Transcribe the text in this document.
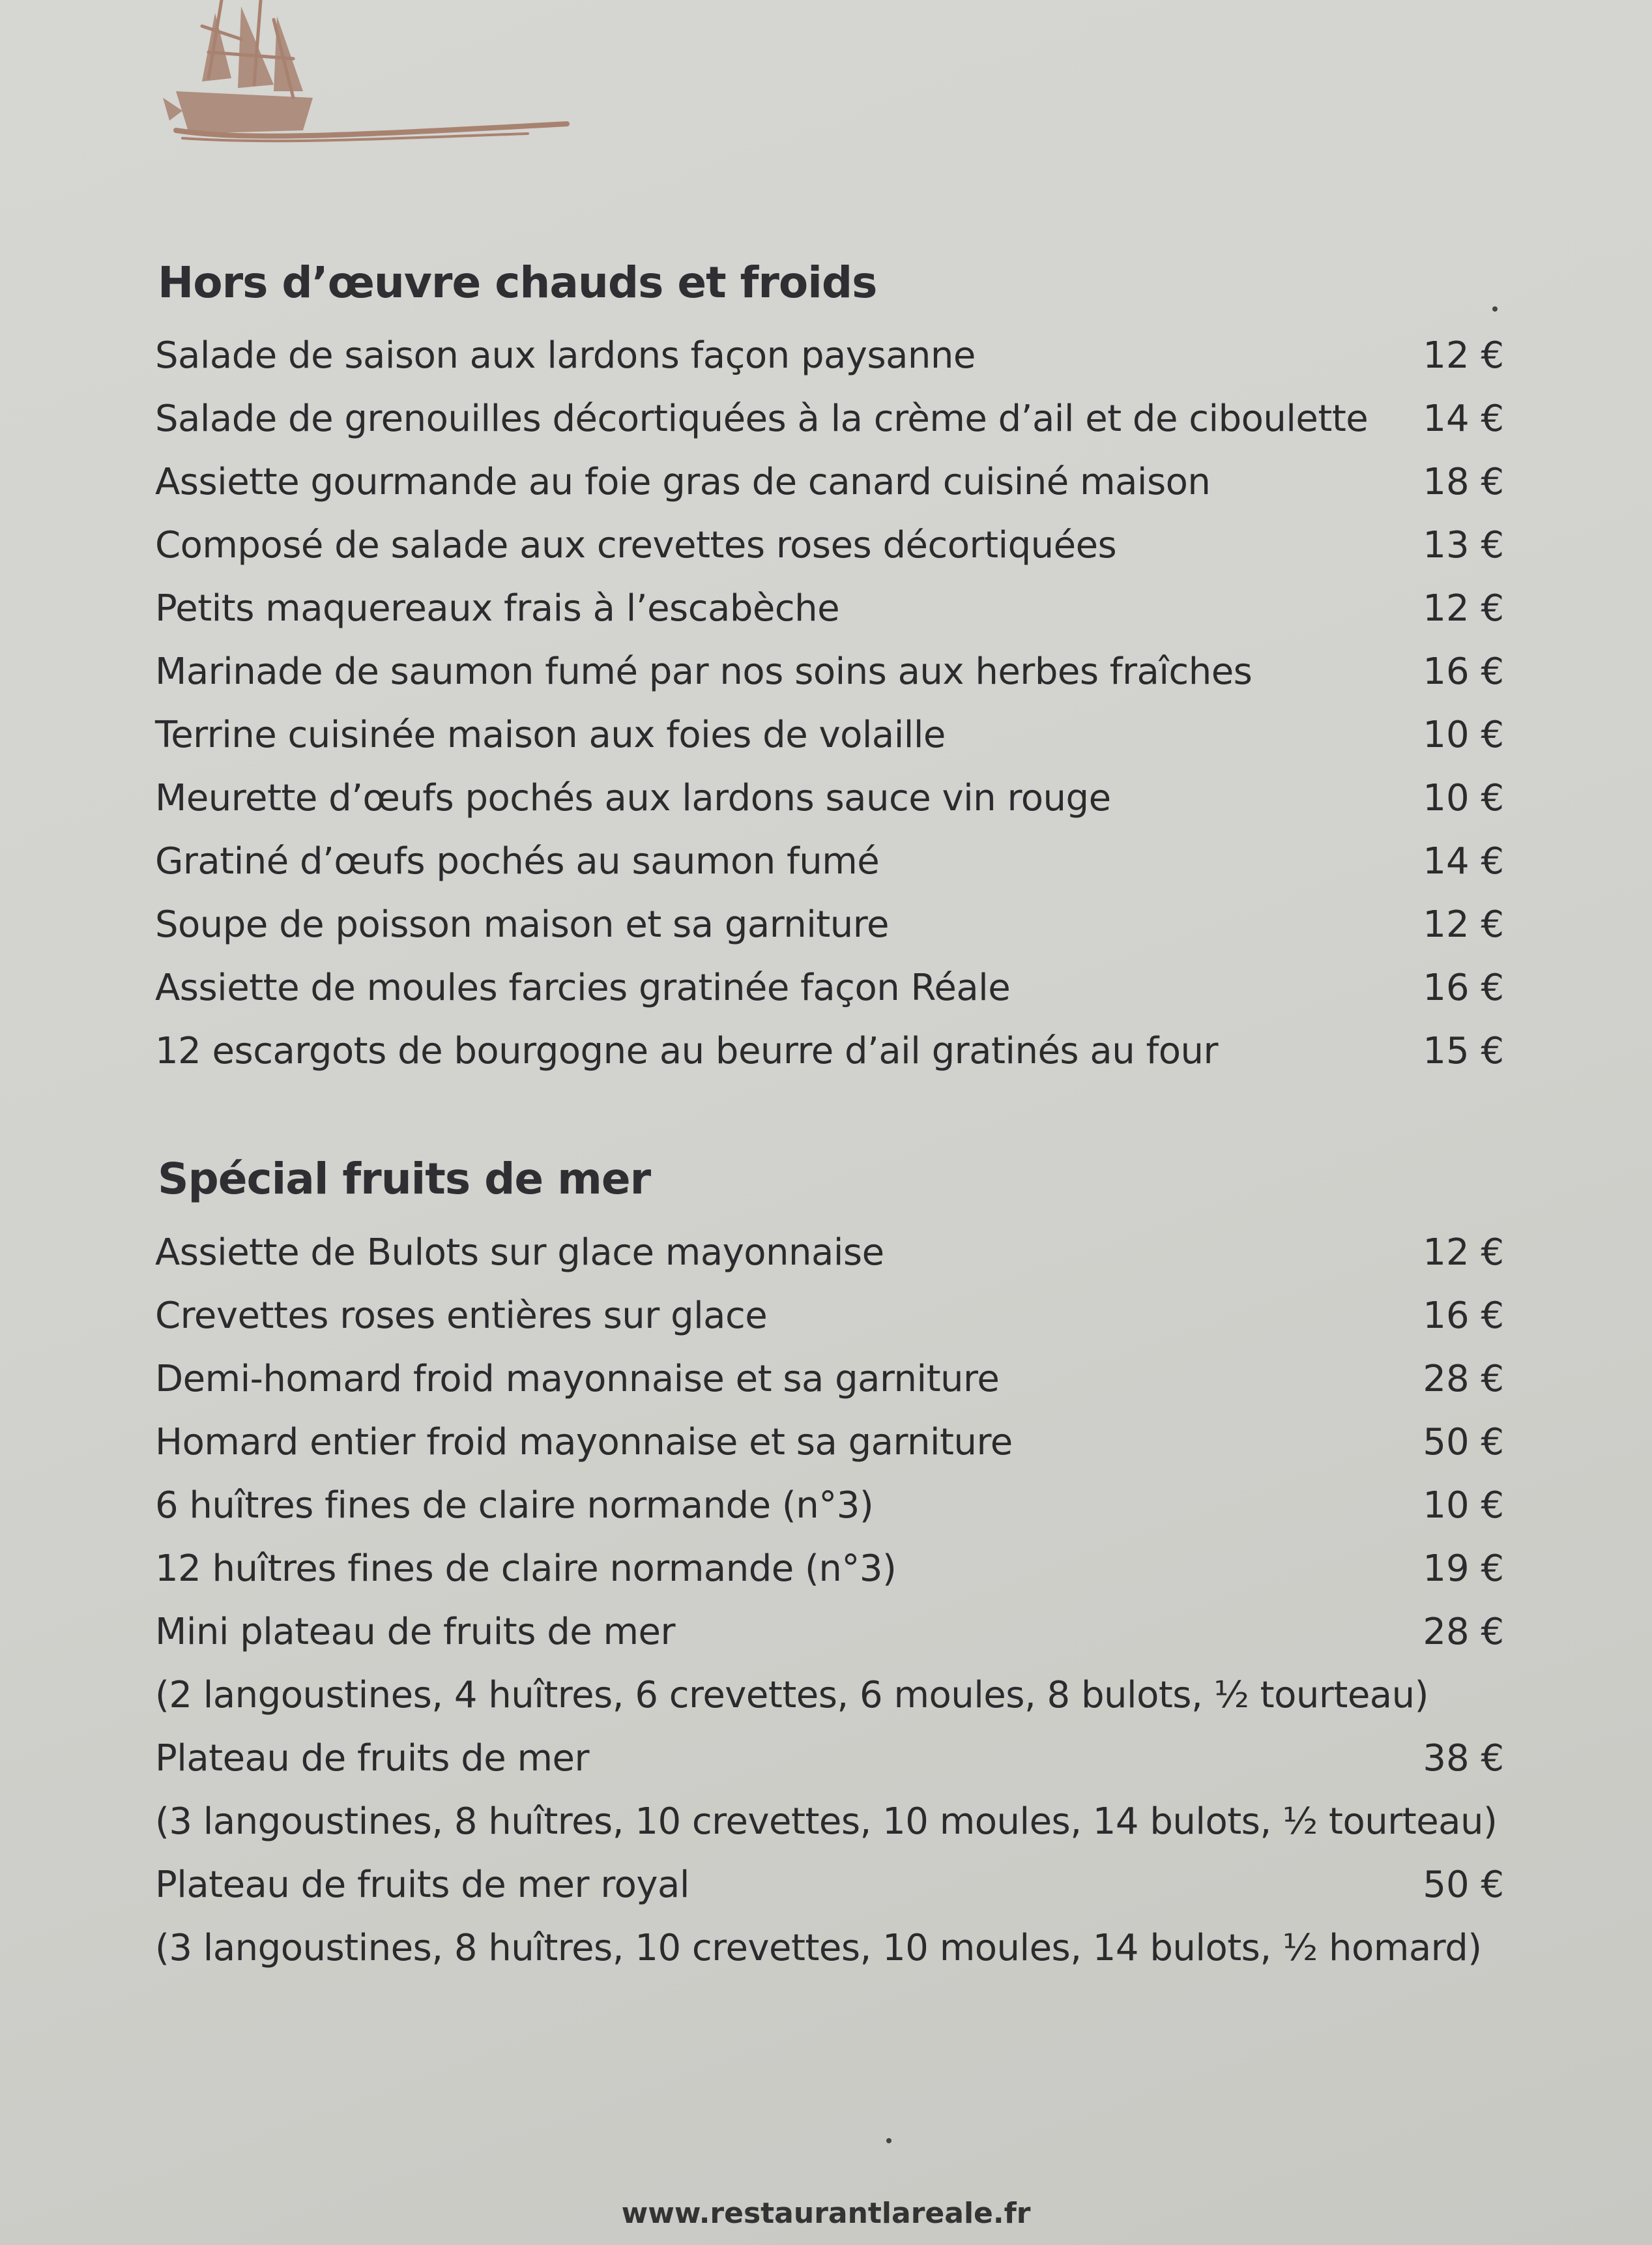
Hors d’œuvre chauds et froids
Salade de saison aux lardons façon paysanne	12 €
Salade de grenouilles décortiquées à la crème d’ail et de ciboulette 14 €
Assiette gourmande au foie gras de canard cuisiné maison	18 €
Composé de salade aux crevettes roses décortiquées	13 €
Petits maquereaux frais à l’escabèche	12 €
Marinade de saumon fumé par nos soins aux herbes fraîches	16 €
Terrine cuisinée maison aux foies de volaille	10 €
Meurette d’œufs pochés aux lardons sauce vin rouge	10 €
Gratiné d’œufs pochés au saumon fumé	14 €
Soupe de poisson maison et sa garniture	12 €
Assiette de moules farcies gratinée façon Réale	16 €
12 escargots de bourgogne au beurre d’ail gratinés au four	15 €
Spécial fruits de mer
Assiette de Bulots sur glace mayonnaise	12 €
Crevettes roses entières sur glace	16 €
Demi-homard froid mayonnaise et sa garniture	28 €
Homard entier froid mayonnaise et sa garniture	50 €
6 huîtres fines de claire normande (n°3)	10 €
12 huîtres fines de claire normande (n°3)	19 €
Mini plateau de fruits de mer	28 €
(2 langoustines, 4 huîtres, 6 crevettes, 6 moules, 8 bulots, ½ tourteau)
Plateau de fruits de mer	38 €
(3 langoustines, 8 huîtres, 10 crevettes, 10 moules, 14 bulots, ½ tourteau)
Plateau de fruits de mer royal	50 €
(3 langoustines, 8 huîtres, 10 crevettes, 10 moules, 14 bulots, ½ homard)
www.restaurantlareale.fr
